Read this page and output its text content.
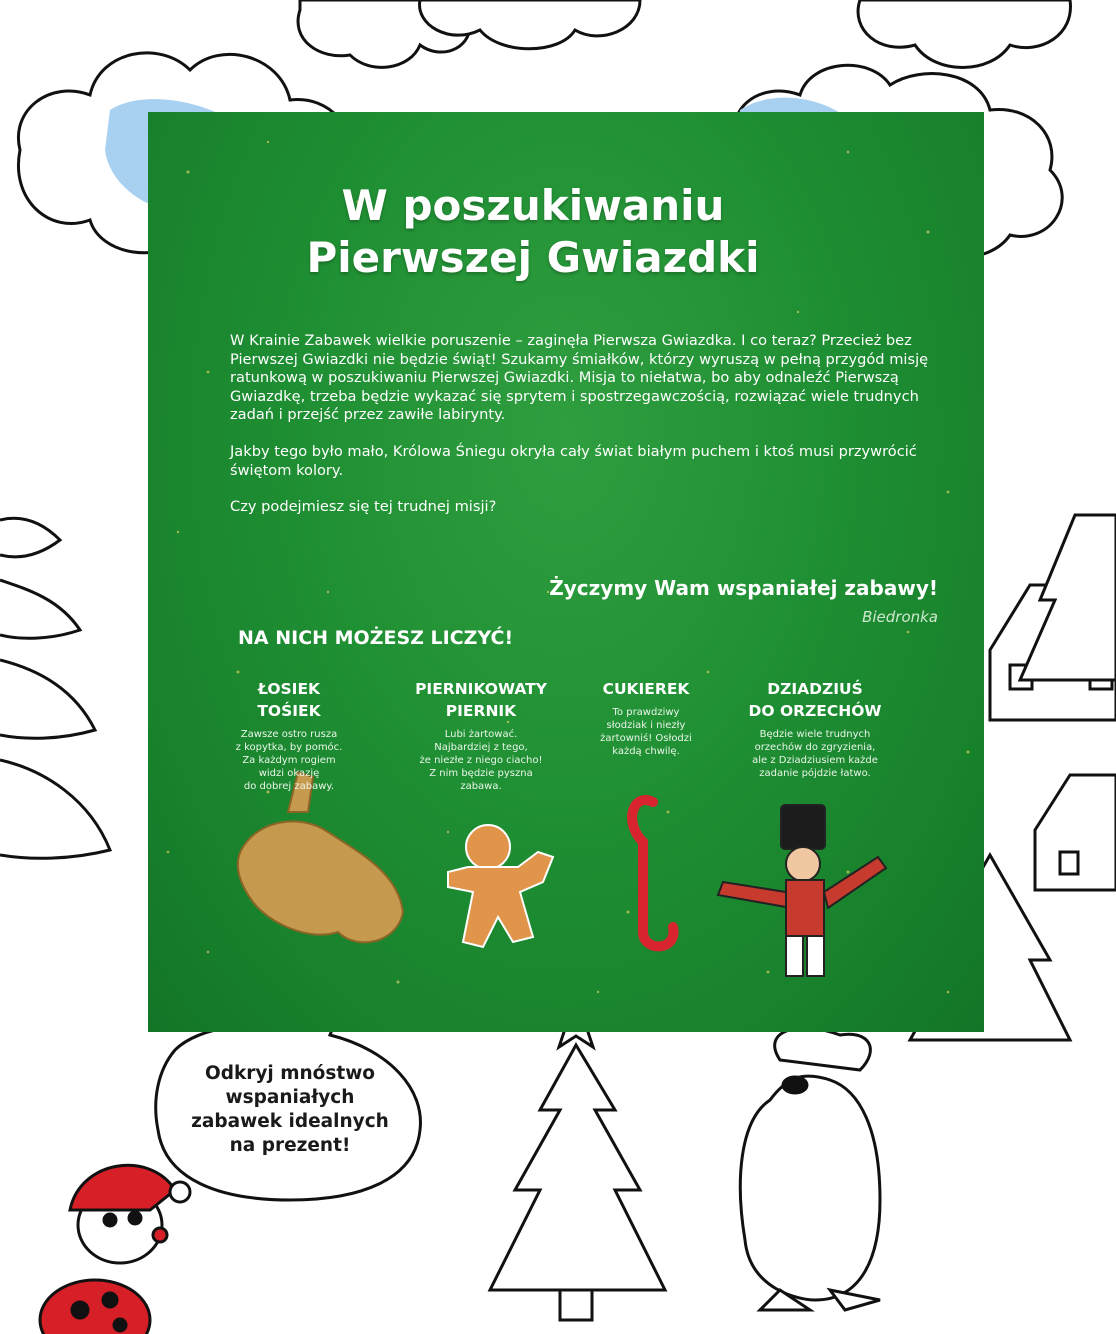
W poszukiwaniu
Pierwszej Gwiazdki

W Krainie Zabawek wielkie poruszenie – zaginęła Pierwsza Gwiazdka. I co teraz? Przecież bez Pierwszej Gwiazdki nie będzie świąt! Szukamy śmiałków, którzy wyruszą w pełną przygód misję ratunkową w poszukiwaniu Pierwszej Gwiazdki. Misja to niełatwa, bo aby odnaleźć Pierwszą Gwiazdkę, trzeba będzie wykazać się sprytem i spostrzegawczością, rozwiązać wiele trudnych zadań i przejść przez zawiłe labirynty.

Jakby tego było mało, Królowa Śniegu okryła cały świat białym puchem i ktoś musi przywrócić świętom kolory.

Czy podejmiesz się tej trudnej misji?

Życzymy Wam wspaniałej zabawy!
Biedronka
NA NICH MOŻESZ LICZYĆ!
ŁOSIEK
TOŚIEK
Zawsze ostro rusza
z kopytka, by pomóc.
Za każdym rogiem
widzi okazję
do dobrej zabawy.
PIERNIKOWATY
PIERNIK
Lubi żartować.
Najbardziej z tego,
że niezłe z niego ciacho!
Z nim będzie pyszna
zabawa.
CUKIEREK
To prawdziwy
słodziak i niezły
żartowniś! Osłodzi
każdą chwilę.
DZIADZIUŚ
DO ORZECHÓW
Będzie wiele trudnych
orzechów do zgryzienia,
ale z Dziadziusiem każde
zadanie pójdzie łatwo.
Odkryj mnóstwo
wspaniałych
zabawek idealnych
na prezent!
